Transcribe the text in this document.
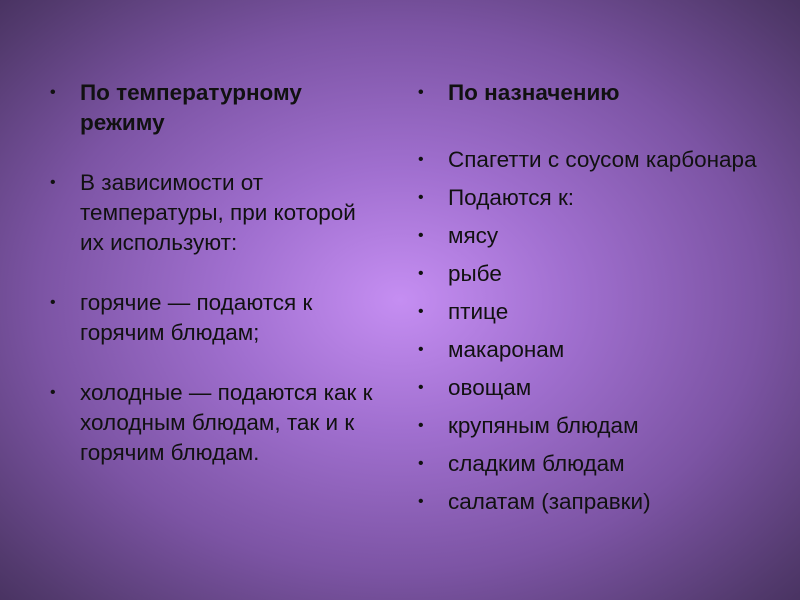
• По температурному режиму
• В зависимости от температуры, при которой их используют:
• горячие — подаются к горячим блюдам;
• холодные — подаются как к холодным блюдам, так и к горячим блюдам.
• По назначению
• Спагетти с соусом карбонара
• Подаются к:
• мясу
• рыбе
• птице
• макаронам
• овощам
• крупяным блюдам
• сладким блюдам
• салатам (заправки)
